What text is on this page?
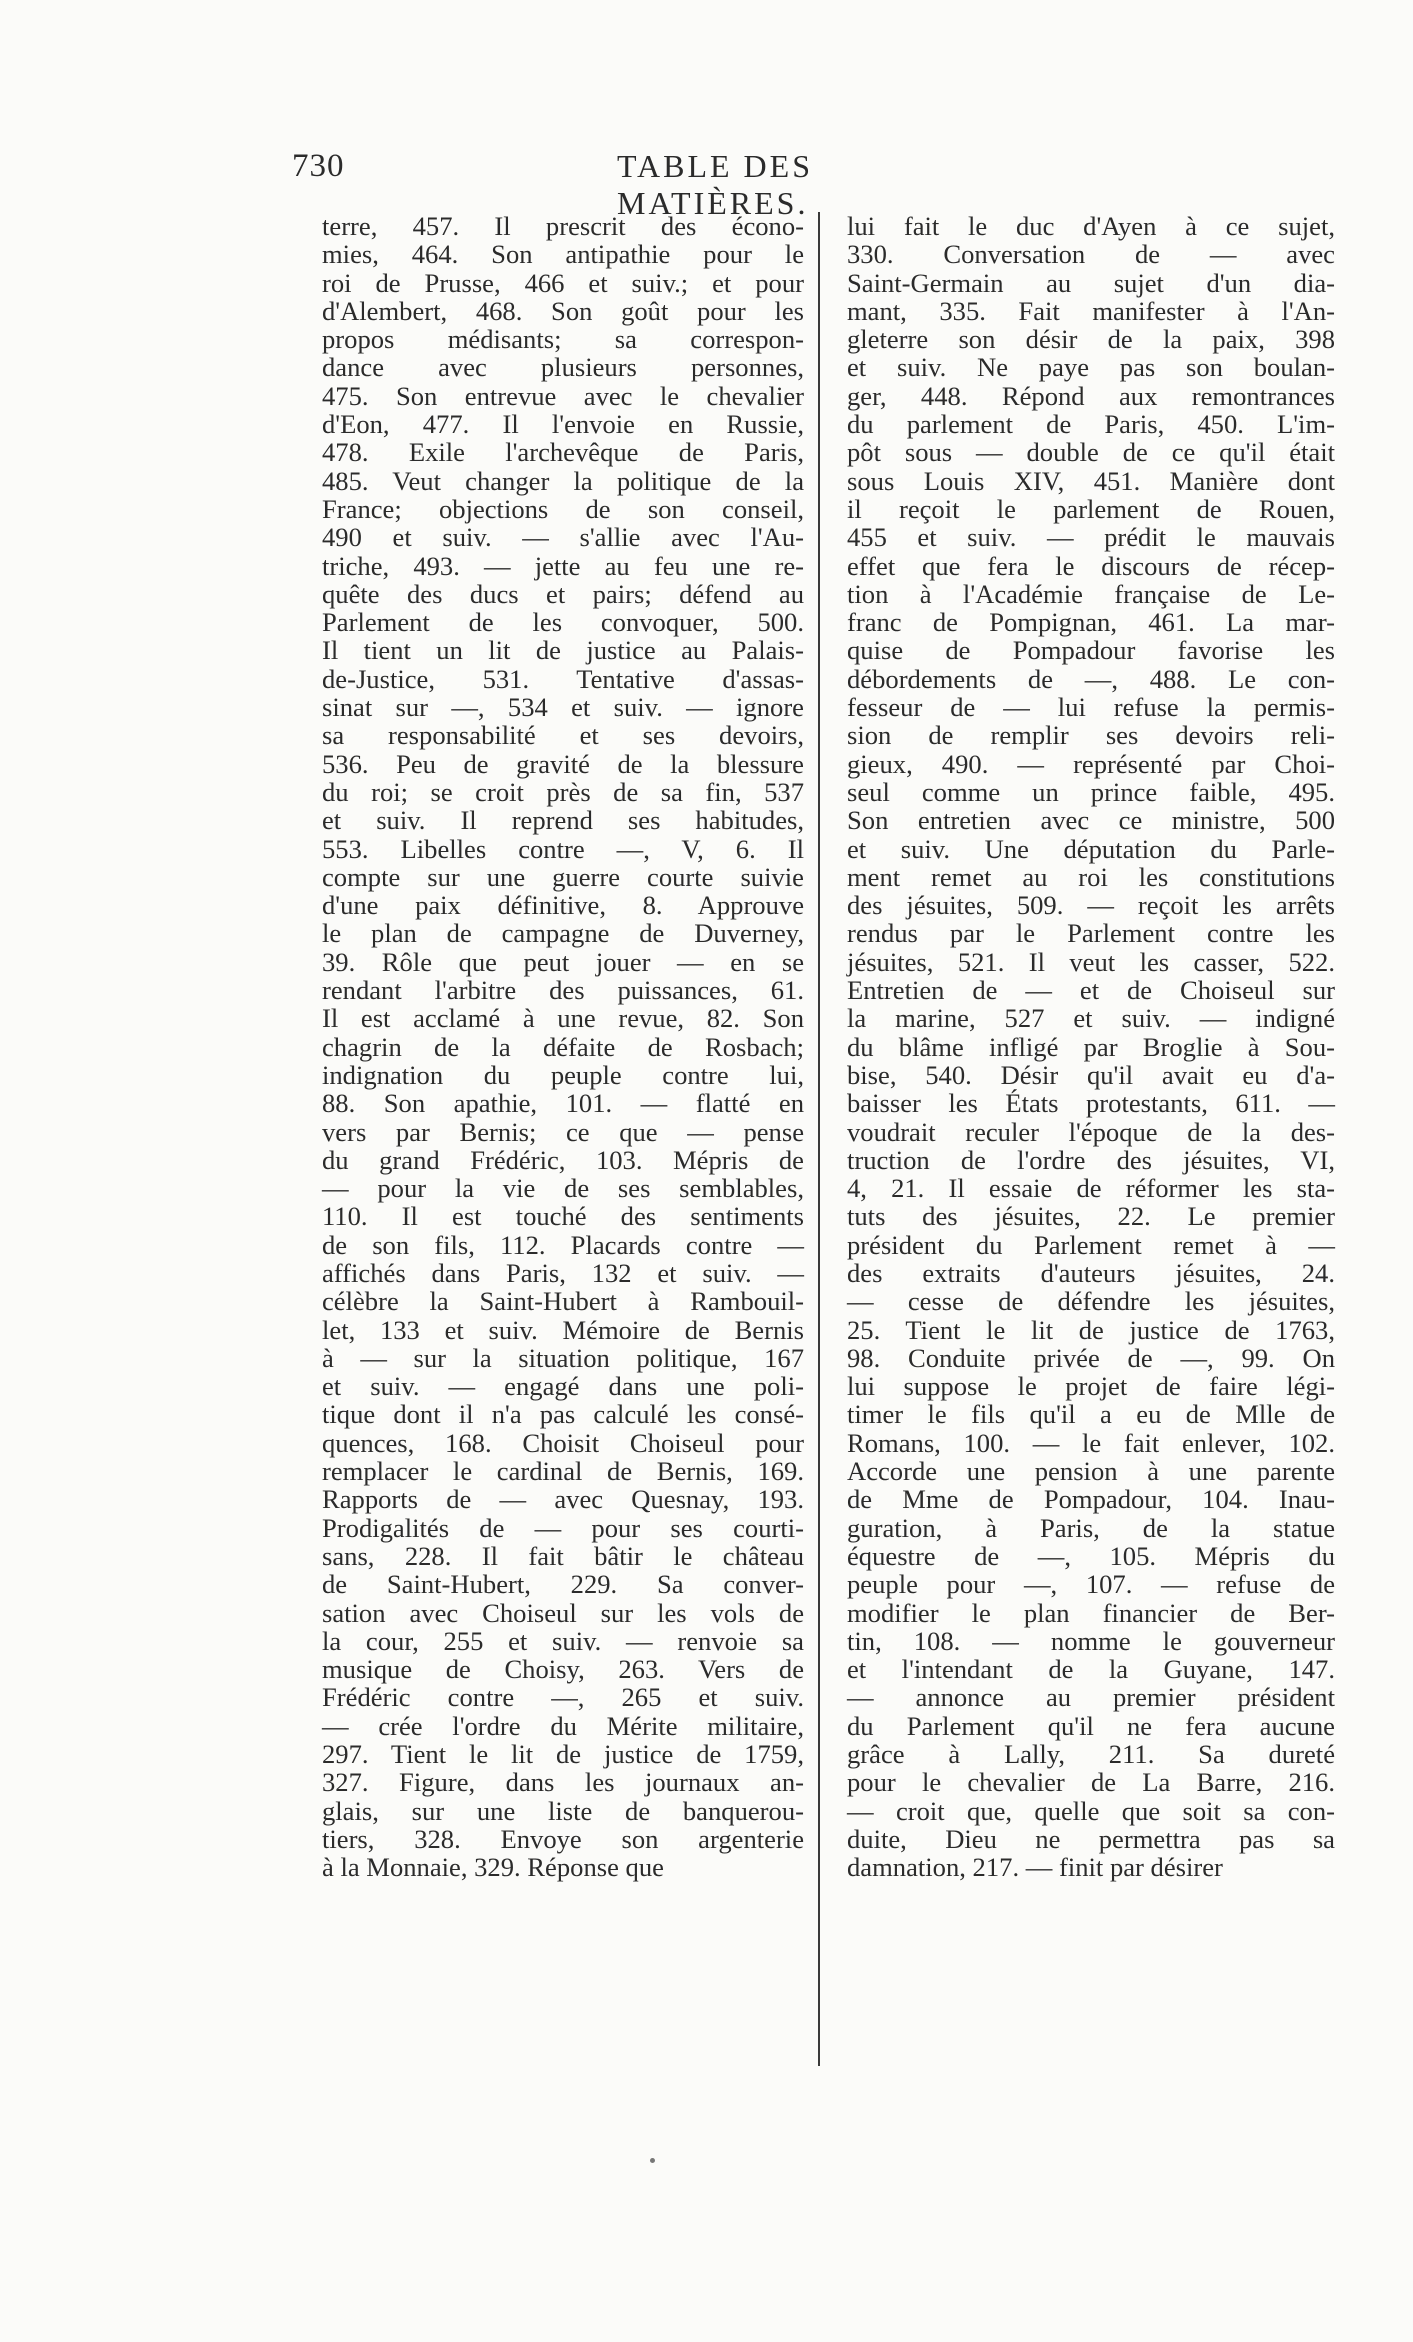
730	TABLE DES MATIÈRES.
terre, 457. Il prescrit des écono-
mies, 464. Son antipathie pour le
roi de Prusse, 466 et suiv.; et pour
d'Alembert, 468. Son goût pour les
propos médisants; sa correspon-
dance avec plusieurs personnes,
475. Son entrevue avec le chevalier
d'Eon, 477. Il l'envoie en Russie,
478. Exile l'archevêque de Paris,
485. Veut changer la politique de la
France; objections de son conseil,
490 et suiv. — s'allie avec l'Au-
triche, 493. — jette au feu une re-
quête des ducs et pairs; défend au
Parlement de les convoquer, 500.
Il tient un lit de justice au Palais-
de-Justice, 531. Tentative d'assas-
sinat sur —, 534 et suiv. — ignore
sa responsabilité et ses devoirs,
536. Peu de gravité de la blessure
du roi; se croit près de sa fin, 537
et suiv. Il reprend ses habitudes,
553. Libelles contre —, V, 6. Il
compte sur une guerre courte suivie
d'une paix définitive, 8. Approuve
le plan de campagne de Duverney,
39. Rôle que peut jouer — en se
rendant l'arbitre des puissances, 61.
Il est acclamé à une revue, 82. Son
chagrin de la défaite de Rosbach;
indignation du peuple contre lui,
88. Son apathie, 101. — flatté en
vers par Bernis; ce que — pense
du grand Frédéric, 103. Mépris de
— pour la vie de ses semblables,
110. Il est touché des sentiments
de son fils, 112. Placards contre —
affichés dans Paris, 132 et suiv. —
célèbre la Saint-Hubert à Rambouil-
let, 133 et suiv. Mémoire de Bernis
à — sur la situation politique, 167
et suiv. — engagé dans une poli-
tique dont il n'a pas calculé les consé-
quences, 168. Choisit Choiseul pour
remplacer le cardinal de Bernis, 169.
Rapports de — avec Quesnay, 193.
Prodigalités de — pour ses courti-
sans, 228. Il fait bâtir le château
de Saint-Hubert, 229. Sa conver-
sation avec Choiseul sur les vols de
la cour, 255 et suiv. — renvoie sa
musique de Choisy, 263. Vers de
Frédéric contre —, 265 et suiv.
— crée l'ordre du Mérite militaire,
297. Tient le lit de justice de 1759,
327. Figure, dans les journaux an-
glais, sur une liste de banquerou-
tiers, 328. Envoye son argenterie
à la Monnaie, 329. Réponse que
lui fait le duc d'Ayen à ce sujet,
330. Conversation de — avec
Saint-Germain au sujet d'un dia-
mant, 335. Fait manifester à l'An-
gleterre son désir de la paix, 398
et suiv. Ne paye pas son boulan-
ger, 448. Répond aux remontrances
du parlement de Paris, 450. L'im-
pôt sous — double de ce qu'il était
sous Louis XIV, 451. Manière dont
il reçoit le parlement de Rouen,
455 et suiv. — prédit le mauvais
effet que fera le discours de récep-
tion à l'Académie française de Le-
franc de Pompignan, 461. La mar-
quise de Pompadour favorise les
débordements de —, 488. Le con-
fesseur de — lui refuse la permis-
sion de remplir ses devoirs reli-
gieux, 490. — représenté par Choi-
seul comme un prince faible, 495.
Son entretien avec ce ministre, 500
et suiv. Une députation du Parle-
ment remet au roi les constitutions
des jésuites, 509. — reçoit les arrêts
rendus par le Parlement contre les
jésuites, 521. Il veut les casser, 522.
Entretien de — et de Choiseul sur
la marine, 527 et suiv. — indigné
du blâme infligé par Broglie à Sou-
bise, 540. Désir qu'il avait eu d'a-
baisser les États protestants, 611. —
voudrait reculer l'époque de la des-
truction de l'ordre des jésuites, VI,
4, 21. Il essaie de réformer les sta-
tuts des jésuites, 22. Le premier
président du Parlement remet à —
des extraits d'auteurs jésuites, 24.
— cesse de défendre les jésuites,
25. Tient le lit de justice de 1763,
98. Conduite privée de —, 99. On
lui suppose le projet de faire légi-
timer le fils qu'il a eu de Mlle de
Romans, 100. — le fait enlever, 102.
Accorde une pension à une parente
de Mme de Pompadour, 104. Inau-
guration, à Paris, de la statue
équestre de —, 105. Mépris du
peuple pour —, 107. — refuse de
modifier le plan financier de Ber-
tin, 108. — nomme le gouverneur
et l'intendant de la Guyane, 147.
— annonce au premier président
du Parlement qu'il ne fera aucune
grâce à Lally, 211. Sa dureté
pour le chevalier de La Barre, 216.
— croit que, quelle que soit sa con-
duite, Dieu ne permettra pas sa
damnation, 217. — finit par désirer
